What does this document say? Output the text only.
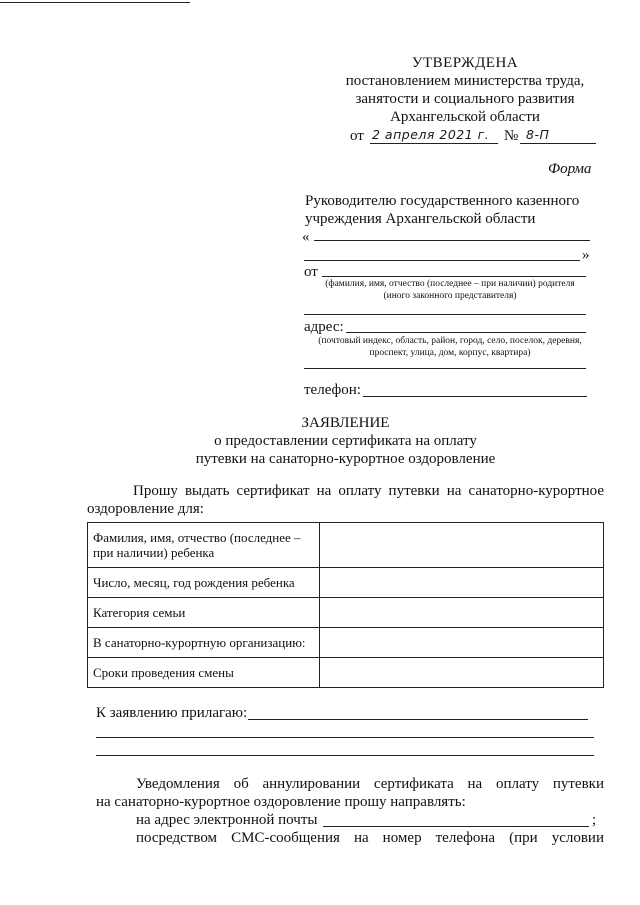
УТВЕРЖДЕНА
постановлением министерства труда,
занятости и социального развития
Архангельской области
от 2 апреля 2021 г. № 8-П
Форма
Руководителю государственного казенного
учреждения Архангельской области
«
»
от
(фамилия, имя, отчество (последнее – при наличии) родителя
(иного законного представителя)
адрес:
(почтовый индекс, область, район, город, село, поселок, деревня,
проспект, улица, дом, корпус, квартира)
телефон:
ЗАЯВЛЕНИЕ
о предоставлении сертификата на оплату
путевки на санаторно-курортное оздоровление
Прошу выдать сертификат на оплату путевки на санаторно-курортное
оздоровление для:
Фамилия, имя, отчество (последнее – при наличии) ребенка	
Число, месяц, год рождения ребенка	
Категория семьи	
В санаторно-курортную организацию:	
Сроки проведения смены	
К заявлению прилагаю:
Уведомления об аннулировании сертификата на оплату путевки
на санаторно-курортное оздоровление прошу направлять:
на адрес электронной почты	;
посредством СМС-сообщения на номер телефона (при условии
